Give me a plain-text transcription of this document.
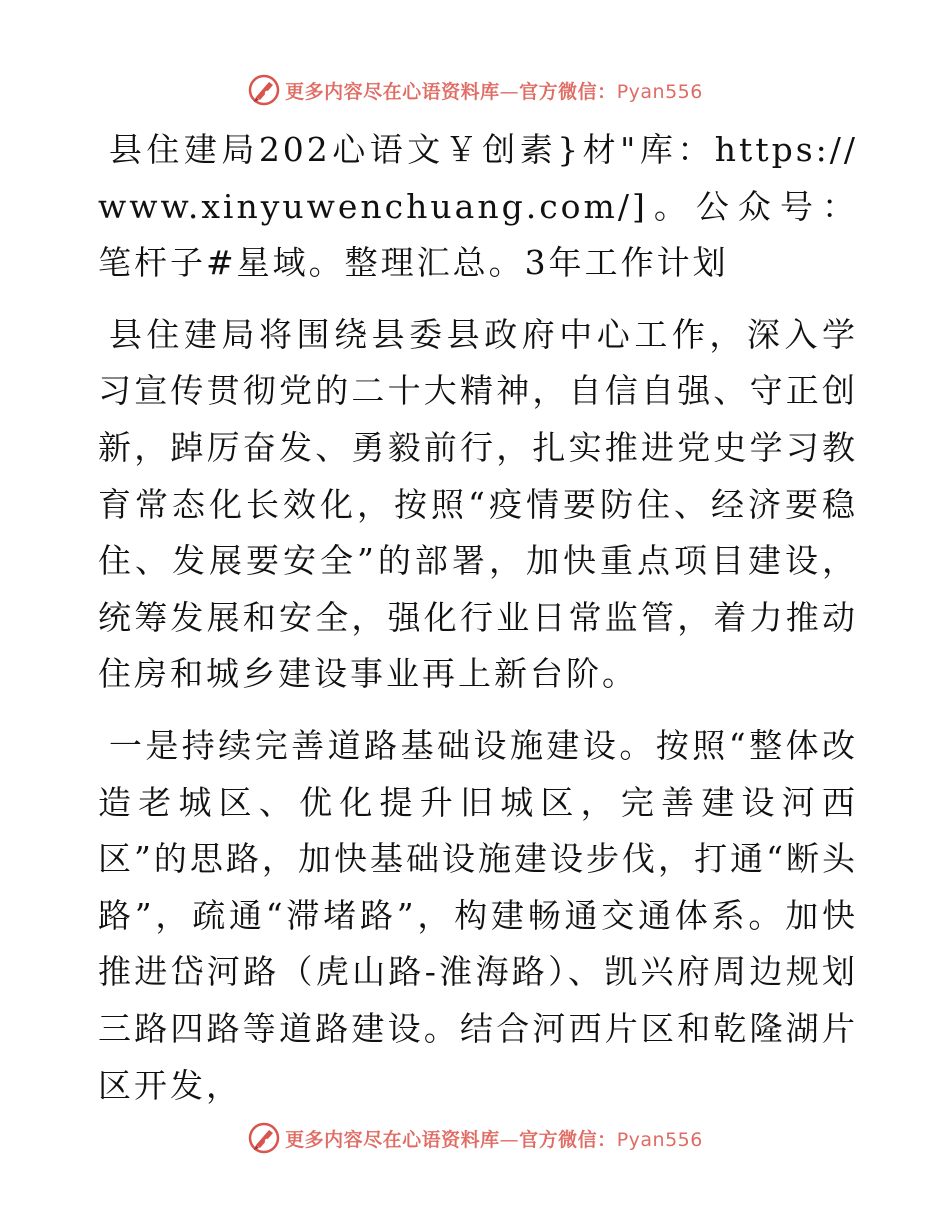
更多内容尽在心语资料库—官方微信：Pyan556

县住建局202心语文￥创素}材"库：https://www.xinyuwenchuang.com/]。公众号：笔杆子#星域。整理汇总。3年工作计划

县住建局将围绕县委县政府中心工作，深入学习宣传贯彻党的二十大精神，自信自强、守正创新，踔厉奋发、勇毅前行，扎实推进党史学习教育常态化长效化，按照“疫情要防住、经济要稳住、发展要安全”的部署，加快重点项目建设，统筹发展和安全，强化行业日常监管，着力推动住房和城乡建设事业再上新台阶。

一是持续完善道路基础设施建设。按照“整体改造老城区、优化提升旧城区，完善建设河西区”的思路，加快基础设施建设步伐，打通“断头路”，疏通“滞堵路”，构建畅通交通体系。加快推进岱河路（虎山路-淮海路）、凯兴府周边规划三路四路等道路建设。结合河西片区和乾隆湖片区开发，

更多内容尽在心语资料库—官方微信：Pyan556
